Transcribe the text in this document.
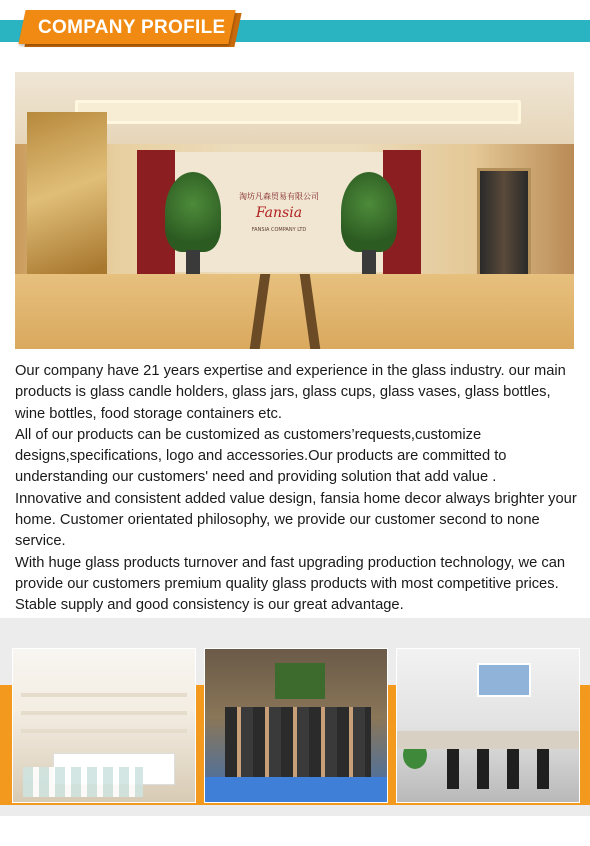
COMPANY PROFILE
淘坊凡森贸易有限公司
Fansia
FANSIA COMPANY LTD

Our company have 21 years expertise and experience in the glass industry. our main products is glass candle holders, glass jars, glass cups, glass vases, glass bottles, wine bottles, food storage containers etc.

All of our products can be customized as customers’requests,customize designs,specifications, logo and accessories.Our products are committed to understanding our customers' need and providing solution that add value .

Innovative and consistent added value design, fansia home decor always brighter your home. Customer orientated philosophy, we provide our customer second to none service.

With huge glass products turnover and fast upgrading production technology, we can provide our customers premium quality glass products with most competitive prices. Stable supply and good consistency is our great advantage.
